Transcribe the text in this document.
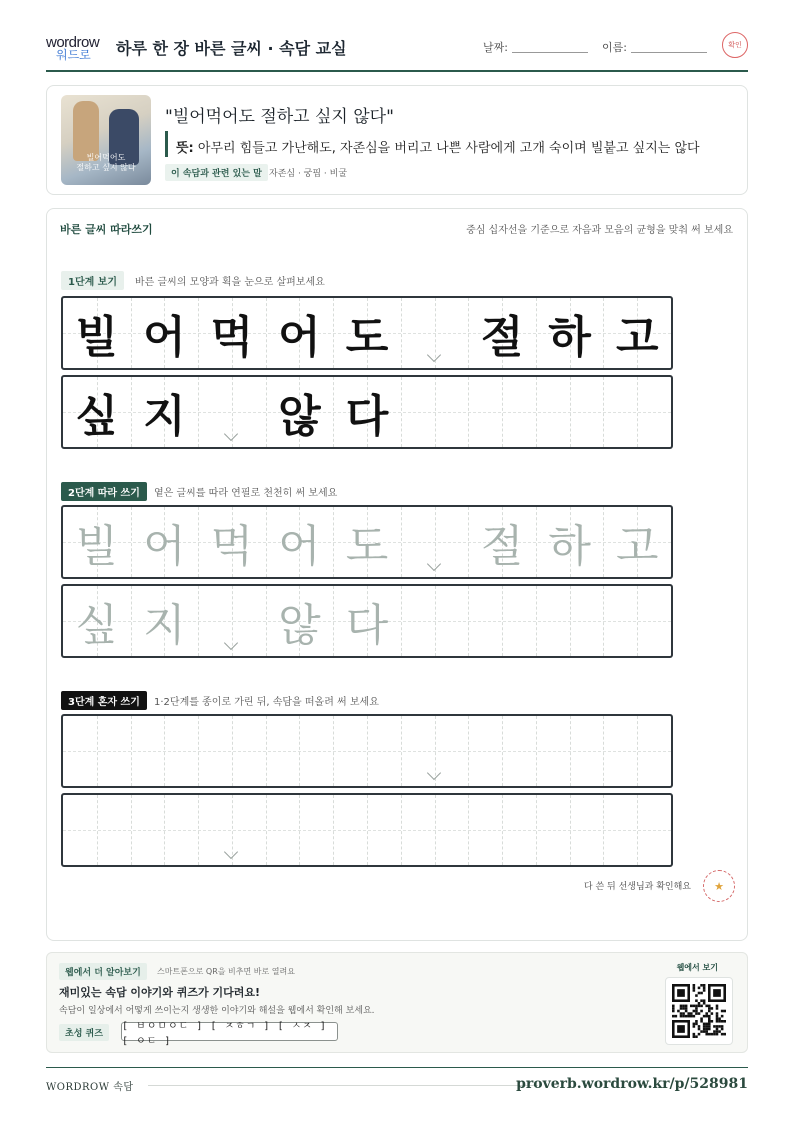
wordrow
워드로 하루 한 장 바른 글씨 · 속담 교실	날짜:	이름:	확인
빌어먹어도
절하고 싶지 않다
"빌어먹어도 절하고 싶지 않다"
뜻: 아무리 힘들고 가난해도, 자존심을 버리고 나쁜 사람에게 고개 숙이며 빌붙고 싶지는 않다
이 속담과 관련 있는 말 자존심 · 궁핍 · 비굴
바른 글씨 따라쓰기	중심 십자선을 기준으로 자음과 모음의 균형을 맞춰 써 보세요
1단계 보기	바른 글씨의 모양과 획을 눈으로 살펴보세요
빌 어 먹 어 도 절 하 고
싶 지 않 다
2단계 따라 쓰기	옅은 글씨를 따라 연필로 천천히 써 보세요
빌 어 먹 어 도 절 하 고
싶 지 않 다
3단계 혼자 쓰기	1·2단계를 종이로 가린 뒤, 속담을 떠올려 써 보세요
다 쓴 뒤 선생님과 확인해요 ★
웹에서 더 알아보기	스마트폰으로 QR을 비추면 바로 열려요
재미있는 속담 이야기와 퀴즈가 기다려요!
속담이 일상에서 어떻게 쓰이는지 생생한 이야기와 해설을 웹에서 확인해 보세요.
초성 퀴즈
[ ㅂㅇㅁㅇㄷ ] [ ㅈㅎㄱ ] [ ㅅㅈ ] [ ㅇㄷ ]
웹에서 보기
WORDROW 속담	proverb.wordrow.kr/p/528981
